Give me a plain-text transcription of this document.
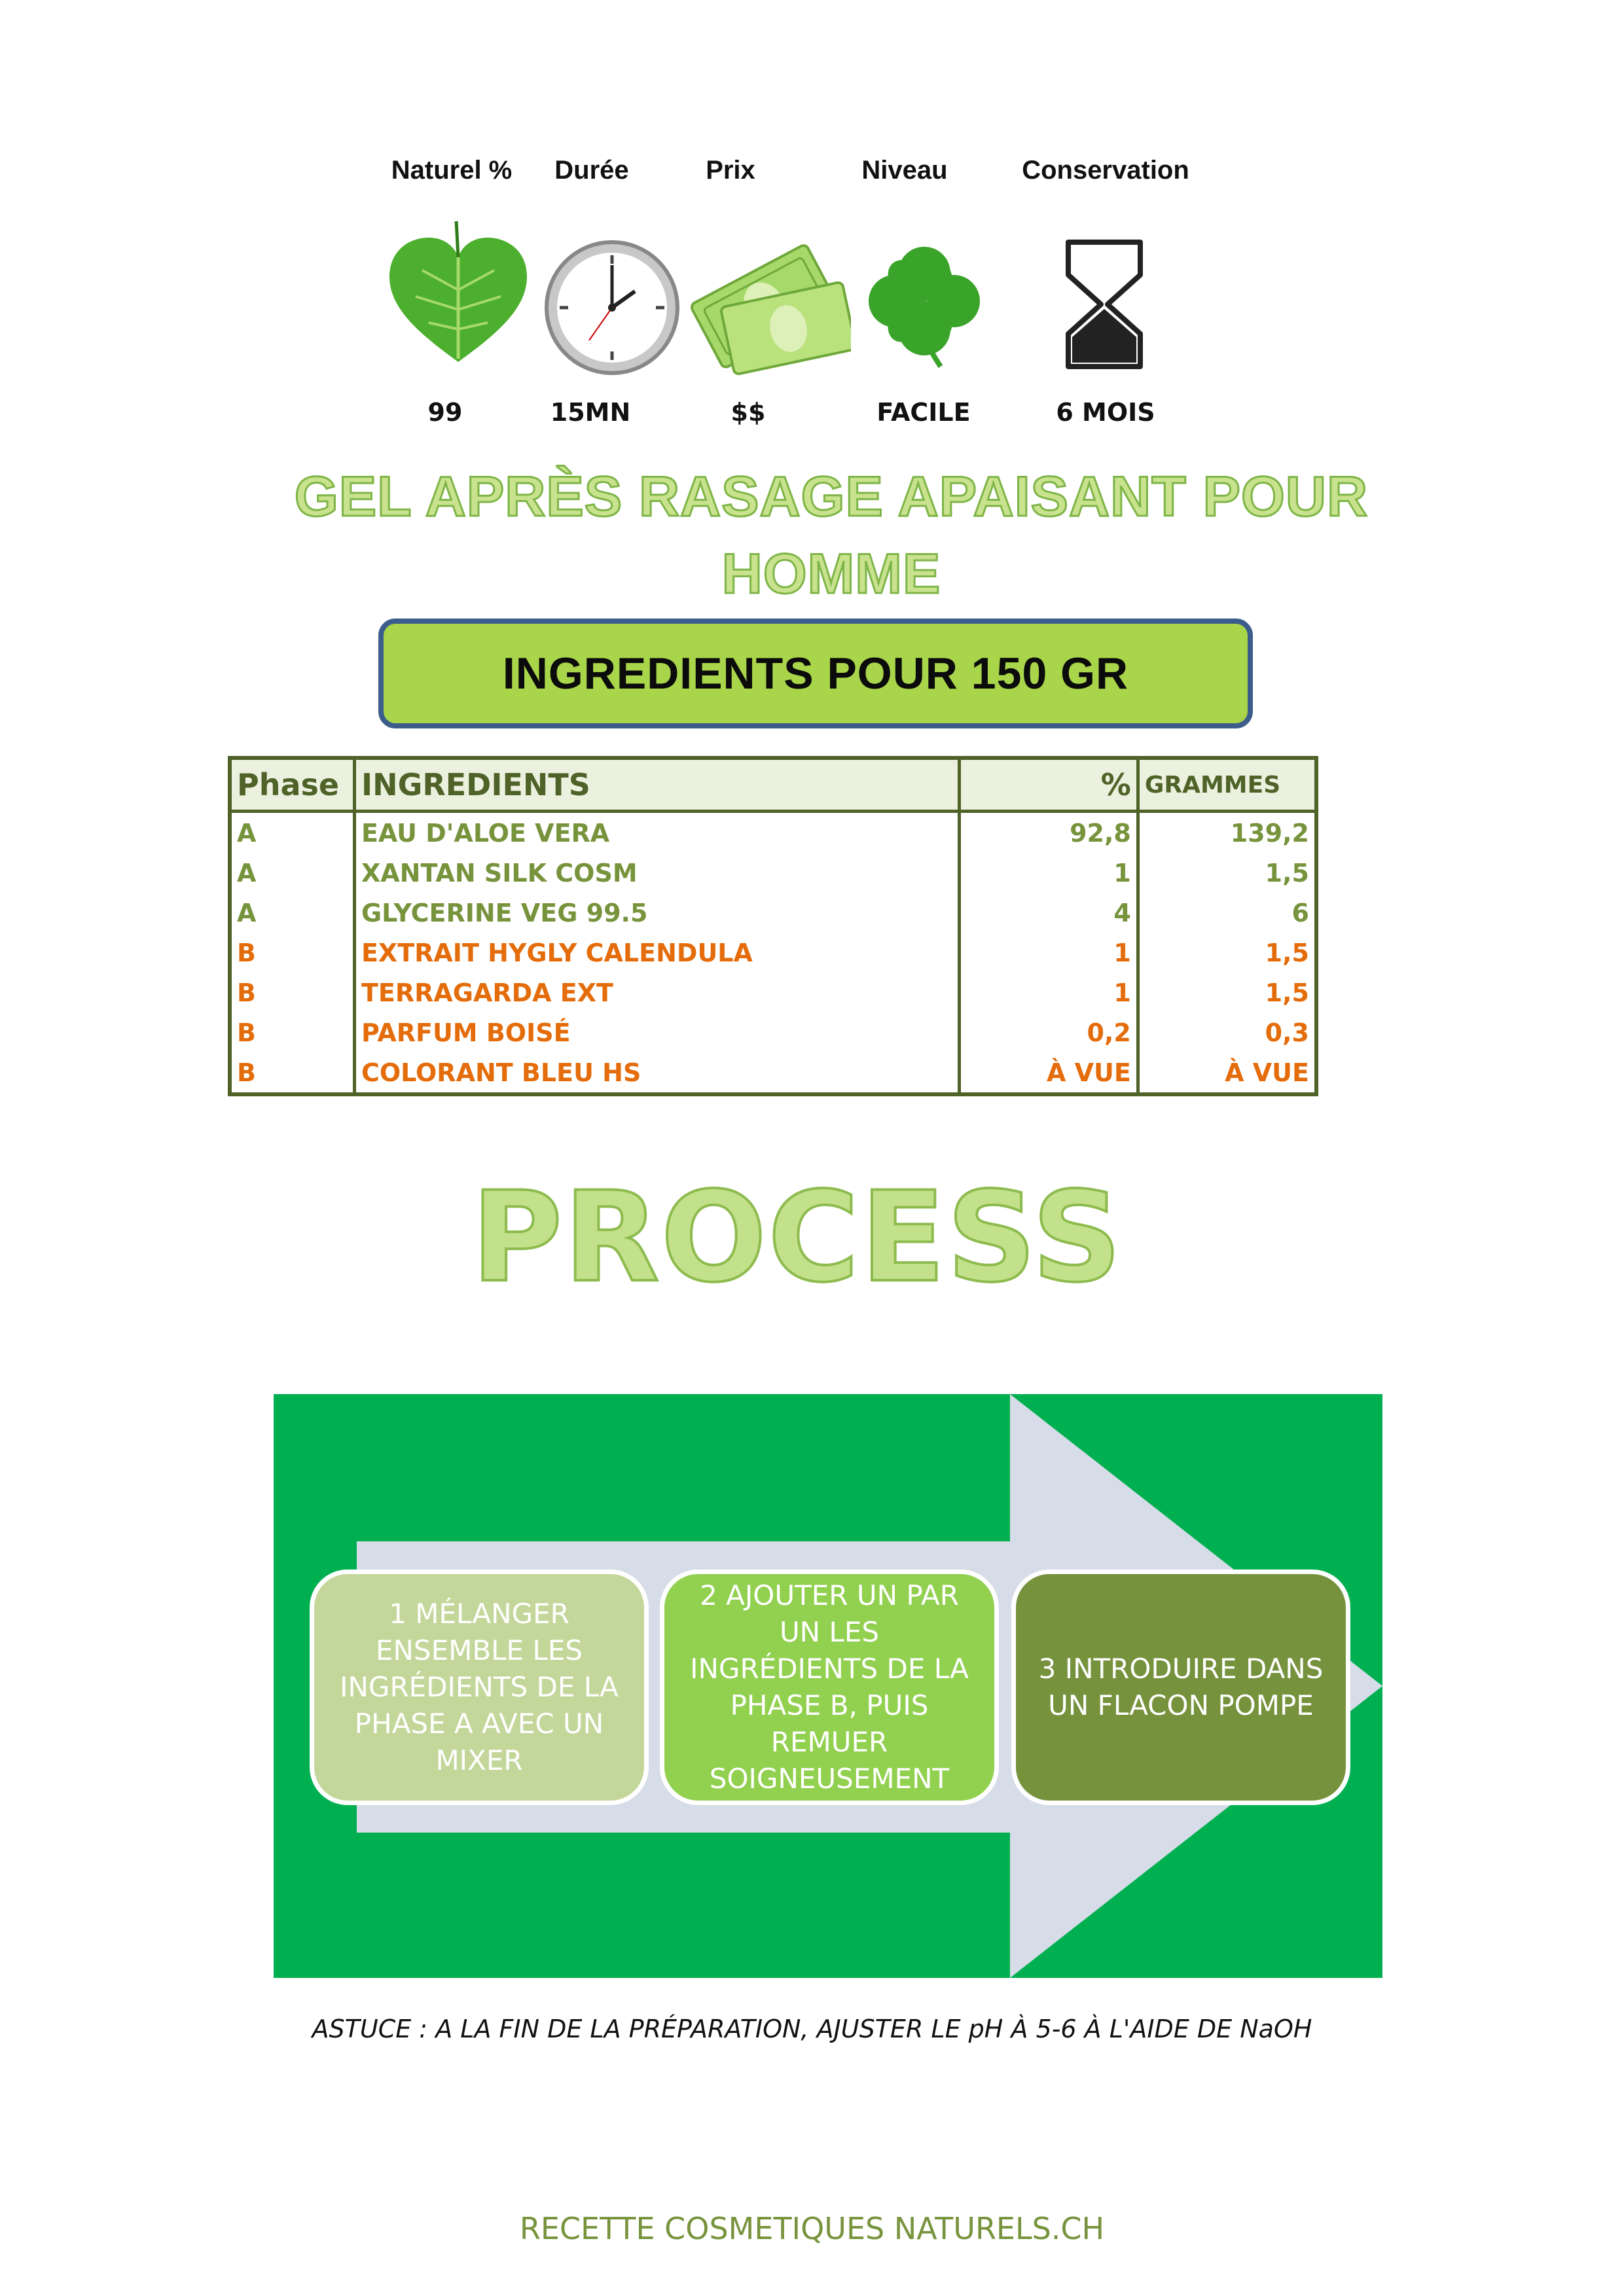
Naturel %	Durée	Prix	Niveau	Conservation
99	15MN	$$	FACILE	6 MOIS
GEL APRÈS RASAGE APAISANT POUR
HOMME
INGREDIENTS POUR 150 GR
Phase	INGREDIENTS	%	GRAMMES
A	EAU D'ALOE VERA	92,8	139,2
A	XANTAN SILK COSM	1	1,5
A	GLYCERINE VEG 99.5	4	6
B	EXTRAIT HYGLY CALENDULA	1	1,5
B	TERRAGARDA EXT	1	1,5
B	PARFUM BOISÉ	0,2	0,3
B	COLORANT BLEU HS	À VUE	À VUE
PROCESS
1 MÉLANGER ENSEMBLE LES INGRÉDIENTS DE LA PHASE A AVEC UN MIXER
2 AJOUTER UN PAR UN LES INGRÉDIENTS DE LA PHASE B, PUIS REMUER SOIGNEUSEMENT
3 INTRODUIRE DANS UN FLACON POMPE
ASTUCE : A LA FIN DE LA PRÉPARATION, AJUSTER LE pH À 5-6 À L'AIDE DE NaOH
RECETTE COSMETIQUES NATURELS.CH
